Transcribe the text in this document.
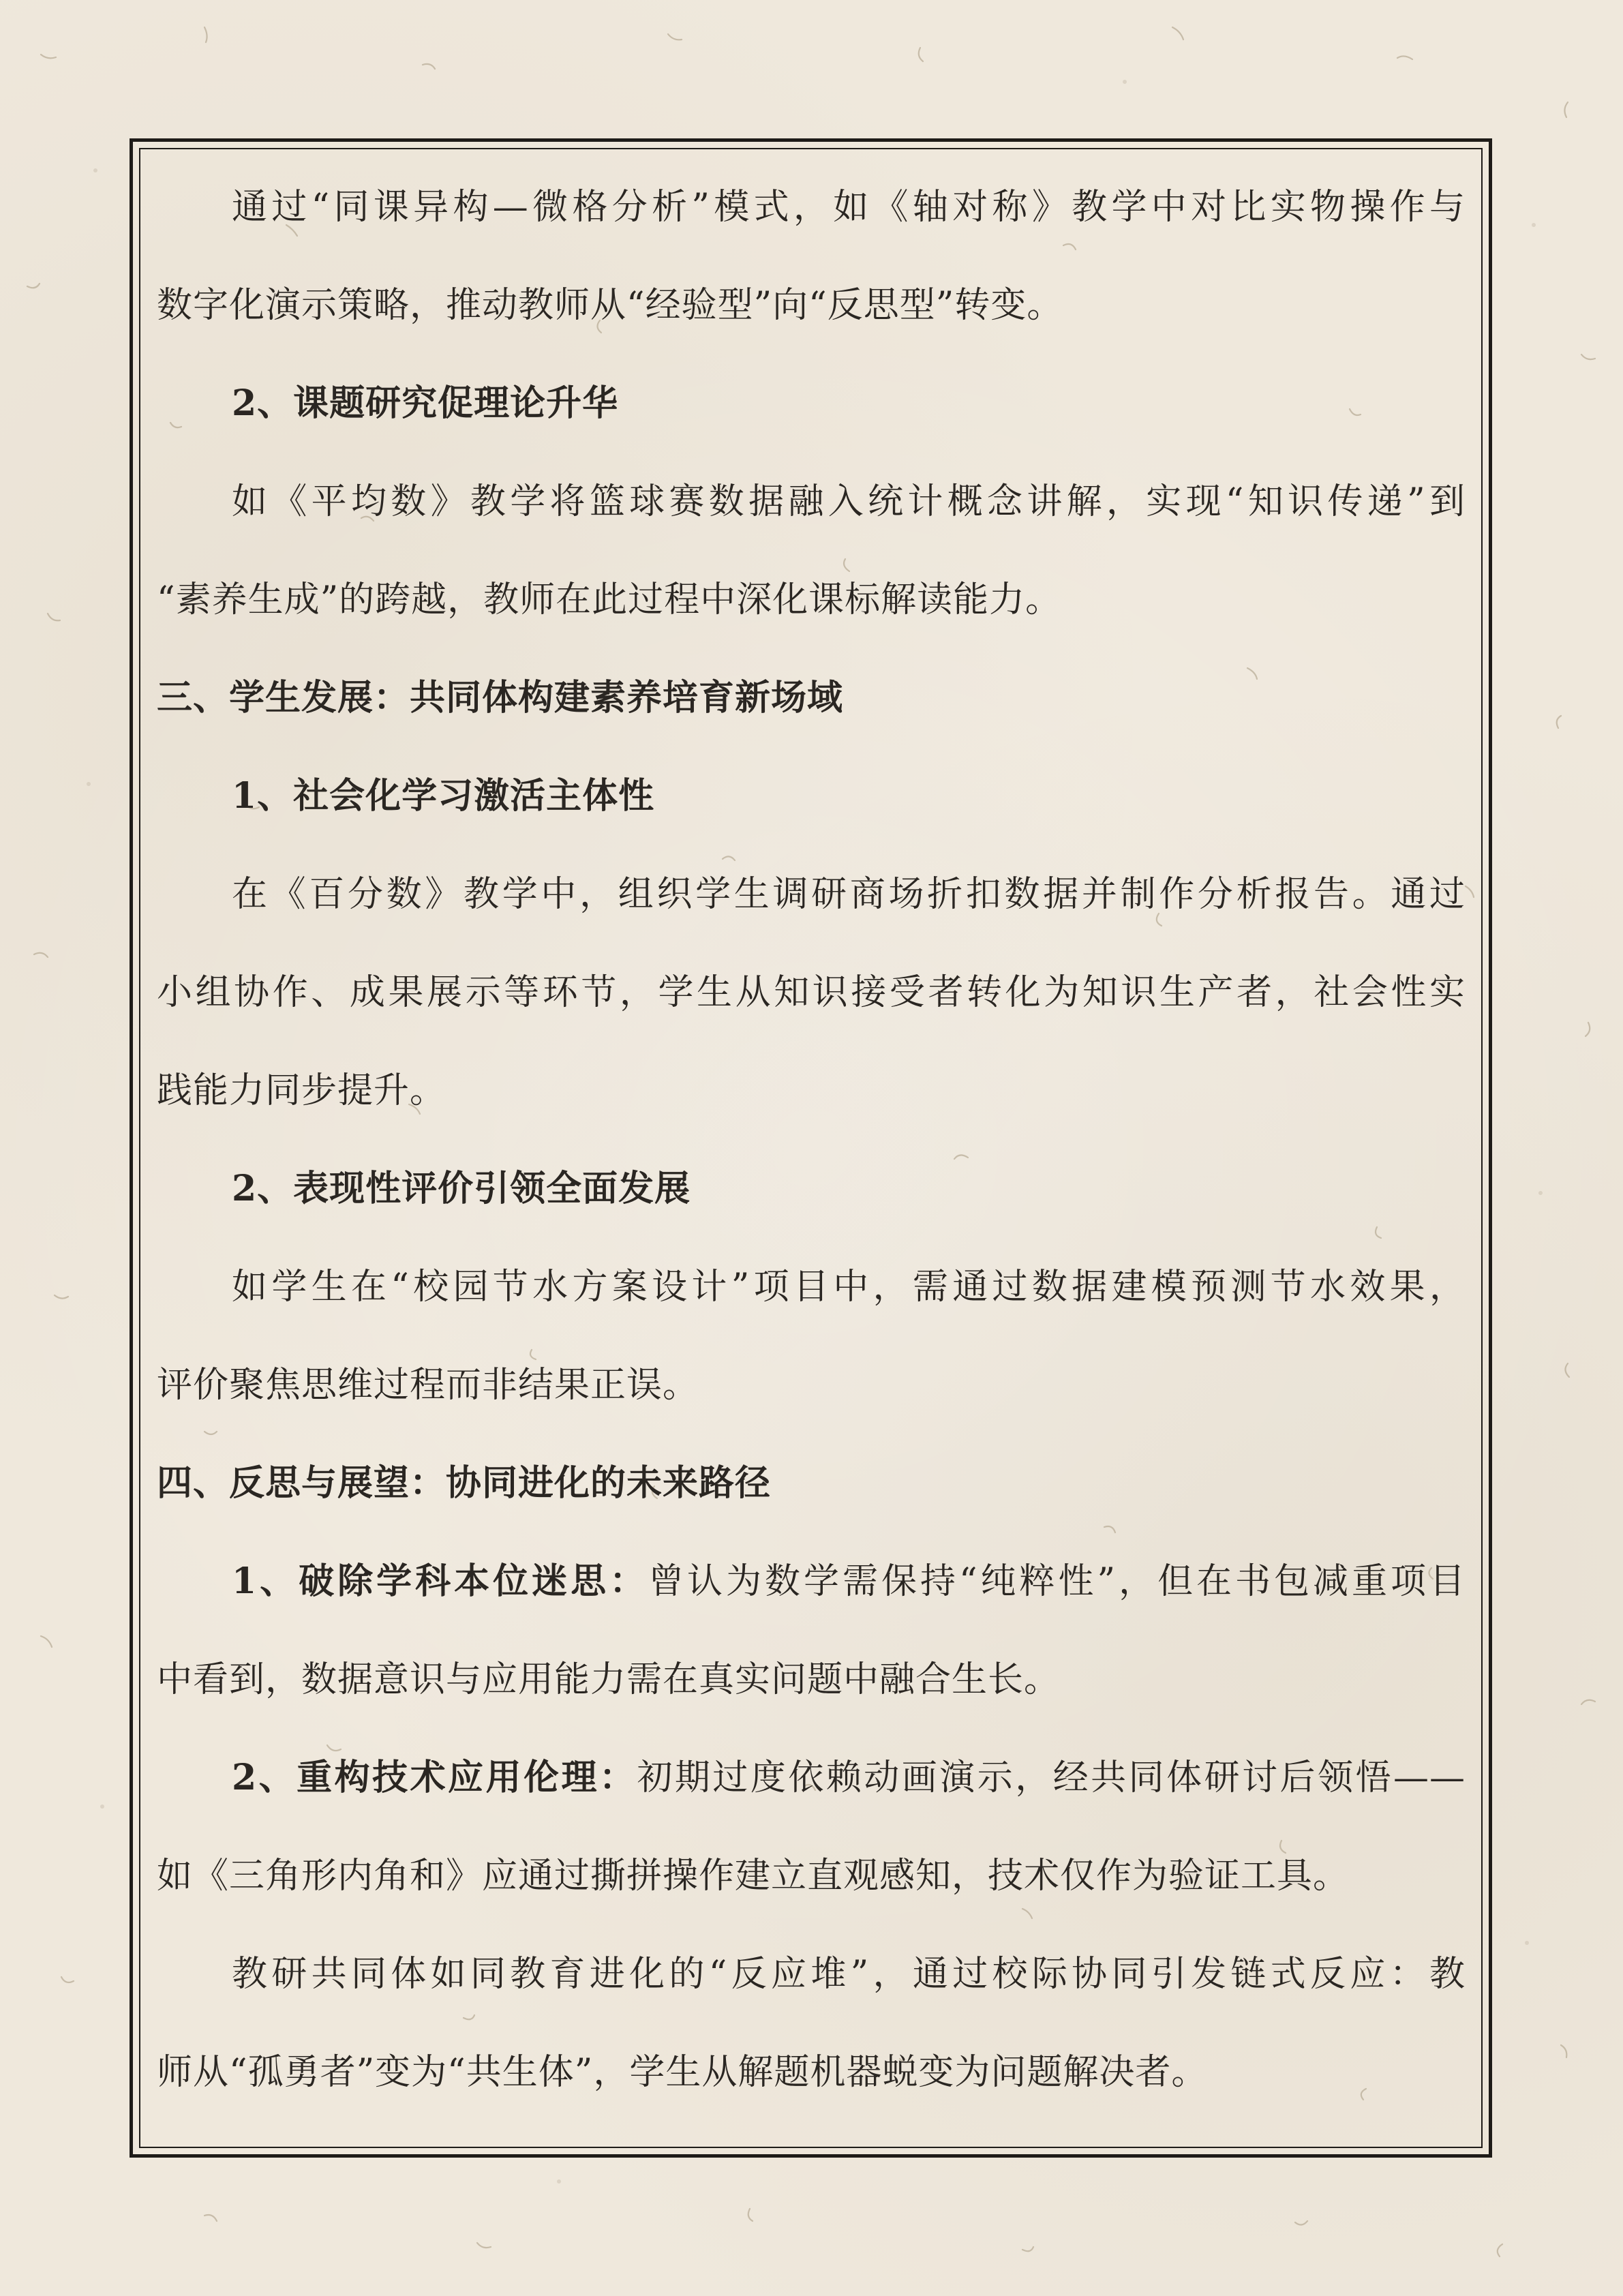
通过“同课异构—微格分析”模式，如《轴对称》教学中对比实物操作与
数字化演示策略，推动教师从“经验型”向“反思型”转变。
2、课题研究促理论升华
如《平均数》教学将篮球赛数据融入统计概念讲解，实现“知识传递”到
“素养生成”的跨越，教师在此过程中深化课标解读能力。
三、学生发展：共同体构建素养培育新场域
1、社会化学习激活主体性
在《百分数》教学中，组织学生调研商场折扣数据并制作分析报告。通过
小组协作、成果展示等环节，学生从知识接受者转化为知识生产者，社会性实
践能力同步提升。
2、表现性评价引领全面发展
如学生在“校园节水方案设计”项目中，需通过数据建模预测节水效果，
评价聚焦思维过程而非结果正误。
四、反思与展望：协同进化的未来路径
1、破除学科本位迷思：曾认为数学需保持“纯粹性”，但在书包减重项目
中看到，数据意识与应用能力需在真实问题中融合生长。
2、重构技术应用伦理：初期过度依赖动画演示，经共同体研讨后领悟——
如《三角形内角和》应通过撕拼操作建立直观感知，技术仅作为验证工具。
教研共同体如同教育进化的“反应堆”，通过校际协同引发链式反应：教
师从“孤勇者”变为“共生体”，学生从解题机器蜕变为问题解决者。
